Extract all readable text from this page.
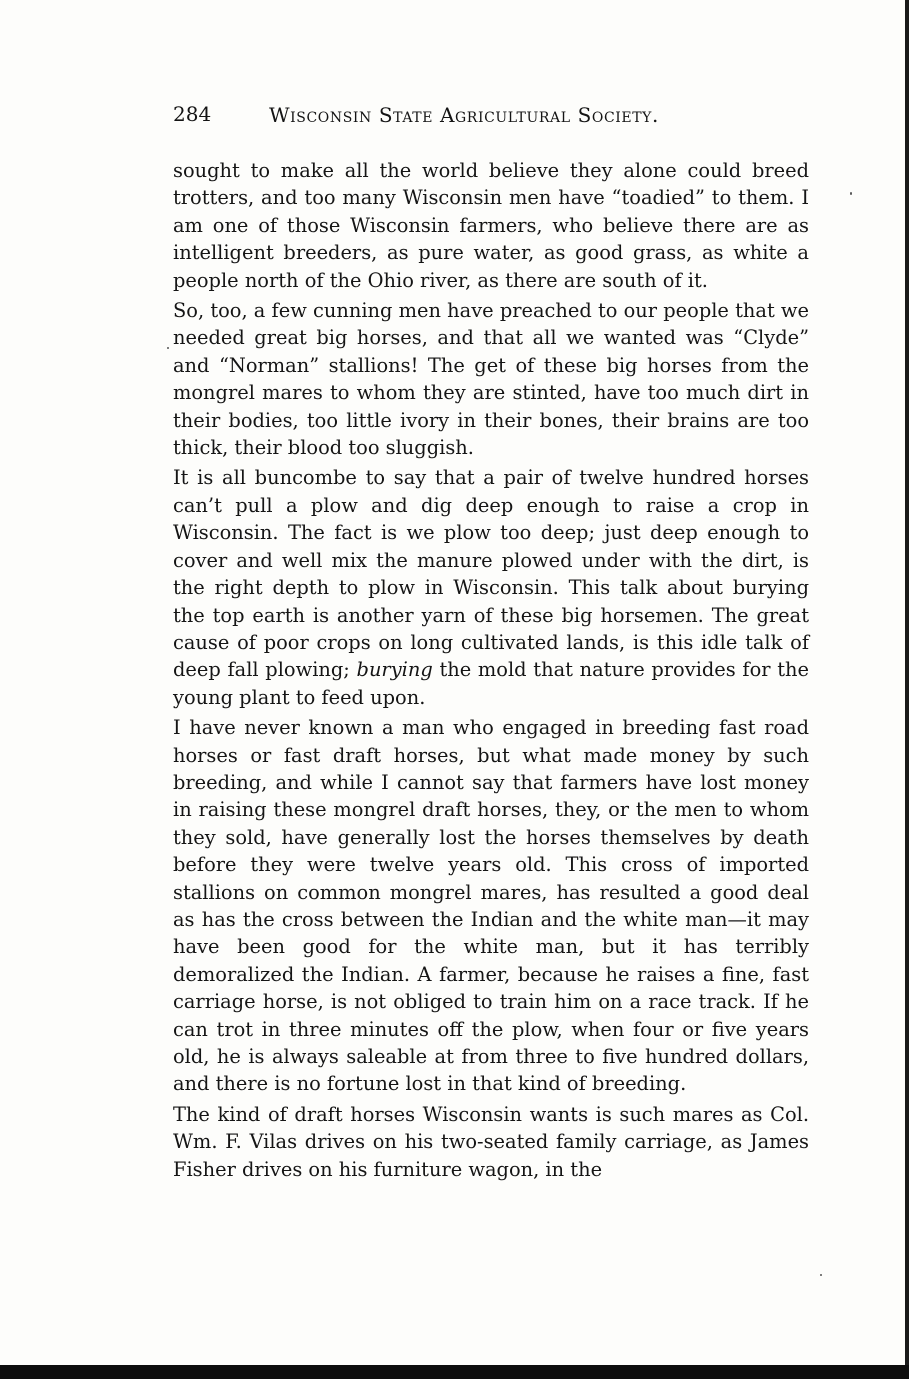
284	Wisconsin State Agricultural Society.

sought to make all the world believe they alone could breed trotters, and too many Wisconsin men have “toadied” to them. I am one of those Wisconsin farmers, who believe there are as intelligent breeders, as pure water, as good grass, as white a people north of the Ohio river, as there are south of it.

So, too, a few cunning men have preached to our people that we needed great big horses, and that all we wanted was “Clyde” and “Norman” stallions! The get of these big horses from the mongrel mares to whom they are stinted, have too much dirt in their bodies, too little ivory in their bones, their brains are too thick, their blood too sluggish.

It is all buncombe to say that a pair of twelve hundred horses can’t pull a plow and dig deep enough to raise a crop in Wisconsin. The fact is we plow too deep; just deep enough to cover and well mix the manure plowed under with the dirt, is the right depth to plow in Wisconsin. This talk about burying the top earth is another yarn of these big horsemen. The great cause of poor crops on long cultivated lands, is this idle talk of deep fall plowing; burying the mold that nature provides for the young plant to feed upon.

I have never known a man who engaged in breeding fast road horses or fast draft horses, but what made money by such breeding, and while I cannot say that farmers have lost money in raising these mongrel draft horses, they, or the men to whom they sold, have generally lost the horses themselves by death before they were twelve years old. This cross of imported stallions on common mongrel mares, has resulted a good deal as has the cross between the Indian and the white man—it may have been good for the white man, but it has terribly demoralized the Indian. A farmer, because he raises a fine, fast carriage horse, is not obliged to train him on a race track. If he can trot in three minutes off the plow, when four or five years old, he is always saleable at from three to five hundred dollars, and there is no fortune lost in that kind of breeding.

The kind of draft horses Wisconsin wants is such mares as Col. Wm. F. Vilas drives on his two-seated family carriage, as James Fisher drives on his furniture wagon, in the
